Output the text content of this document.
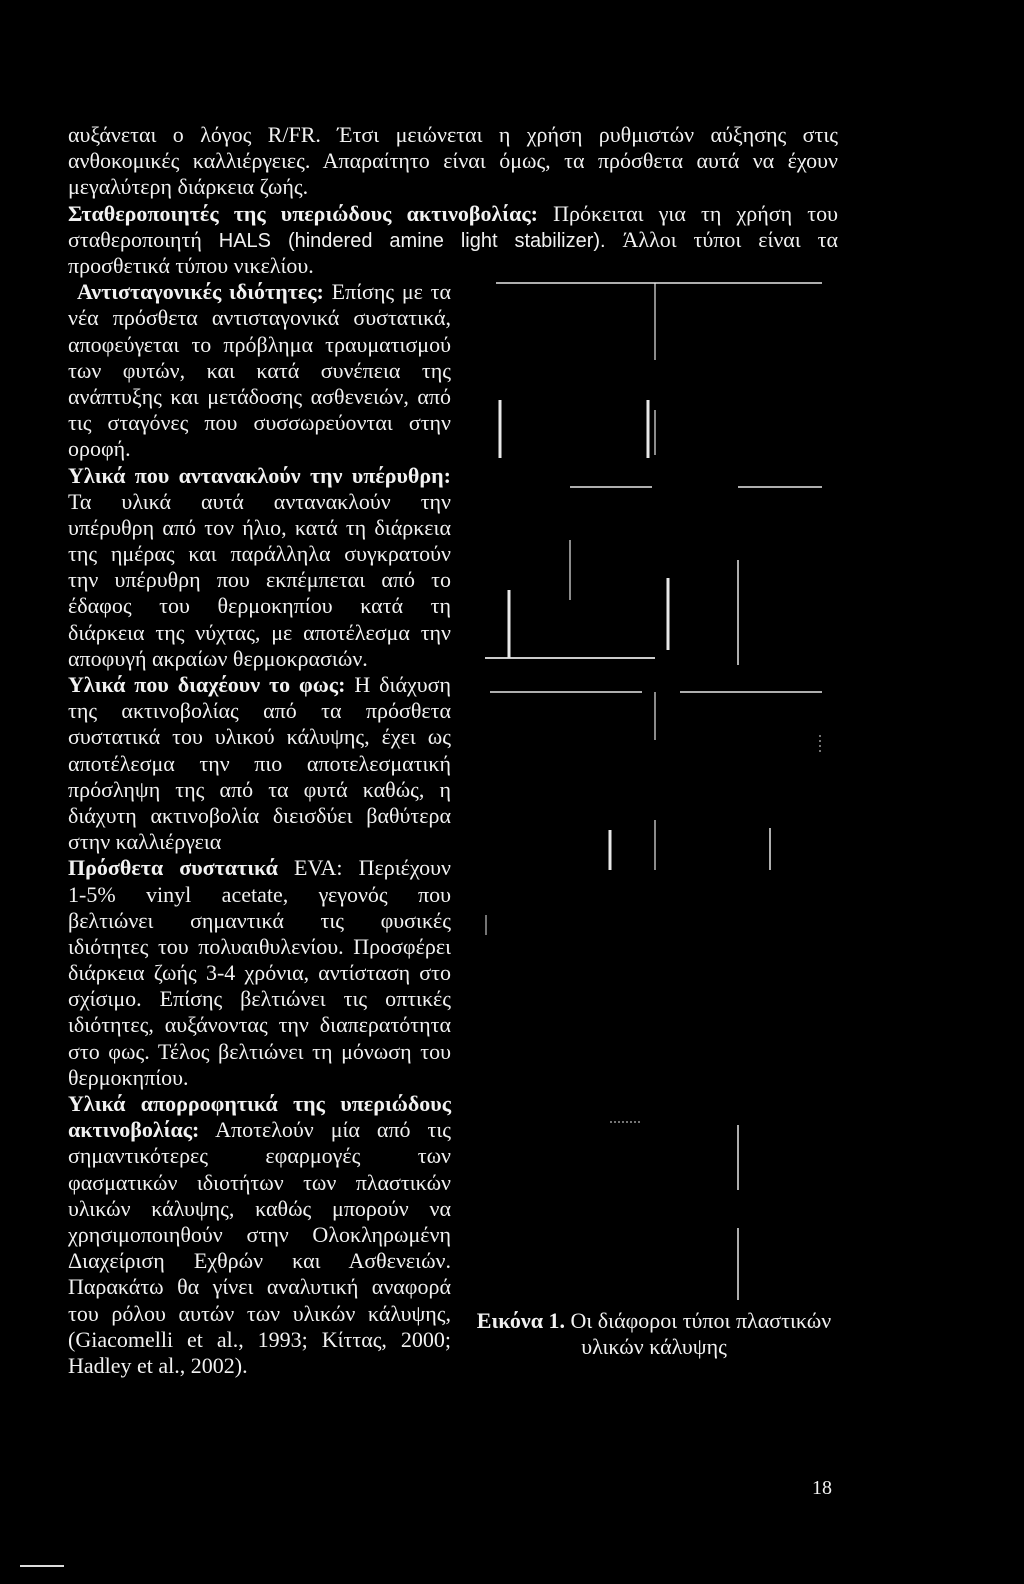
αυξάνεται ο λόγος R/FR. Έτσι μειώνεται η χρήση ρυθμιστών αύξησης στις
ανθοκομικές καλλιέργειες. Απαραίτητο είναι όμως, τα πρόσθετα αυτά να έχουν
μεγαλύτερη διάρκεια ζωής.
Σταθεροποιητές της υπεριώδους ακτινοβολίας: Πρόκειται για τη χρήση του
σταθεροποιητή HALS (hindered amine light stabilizer). Άλλοι τύποι είναι τα
προσθετικά τύπου νικελίου.
Αντισταγονικές ιδιότητες: Επίσης με τα
νέα πρόσθετα αντισταγονικά συστατικά,
αποφεύγεται το πρόβλημα τραυματισμού
των φυτών, και κατά συνέπεια της
ανάπτυξης και μετάδοσης ασθενειών, από
τις σταγόνες που συσσωρεύονται στην
οροφή.
Υλικά που αντανακλούν την υπέρυθρη:
Τα υλικά αυτά αντανακλούν την
υπέρυθρη από τον ήλιο, κατά τη διάρκεια
της ημέρας και παράλληλα συγκρατούν
την υπέρυθρη που εκπέμπεται από το
έδαφος του θερμοκηπίου κατά τη
διάρκεια της νύχτας, με αποτέλεσμα την
αποφυγή ακραίων θερμοκρασιών.
Υλικά που διαχέουν το φως: Η διάχυση
της ακτινοβολίας από τα πρόσθετα
συστατικά του υλικού κάλυψης, έχει ως
αποτέλεσμα την πιο αποτελεσματική
πρόσληψη της από τα φυτά καθώς, η
διάχυτη ακτινοβολία διεισδύει βαθύτερα
στην καλλιέργεια
Πρόσθετα συστατικά EVA: Περιέχουν
1-5% vinyl acetate, γεγονός που
βελτιώνει σημαντικά τις φυσικές
ιδιότητες του πολυαιθυλενίου. Προσφέρει
διάρκεια ζωής 3-4 χρόνια, αντίσταση στο
σχίσιμο. Επίσης βελτιώνει τις οπτικές
ιδιότητες, αυξάνοντας την διαπερατότητα
στο φως. Τέλος βελτιώνει τη μόνωση του
θερμοκηπίου.
Υλικά απορροφητικά της υπεριώδους
ακτινοβολίας: Αποτελούν μία από τις
σημαντικότερες εφαρμογές των
φασματικών ιδιοτήτων των πλαστικών
υλικών κάλυψης, καθώς μπορούν να
χρησιμοποιηθούν στην Ολοκληρωμένη
Διαχείριση Εχθρών και Ασθενειών.
Παρακάτω θα γίνει αναλυτική αναφορά
του ρόλου αυτών των υλικών κάλυψης,
(Giacomelli et al., 1993; Κίττας, 2000;
Hadley et al., 2002).
Εικόνα 1. Οι διάφοροι τύποι πλαστικών
υλικών κάλυψης
18
